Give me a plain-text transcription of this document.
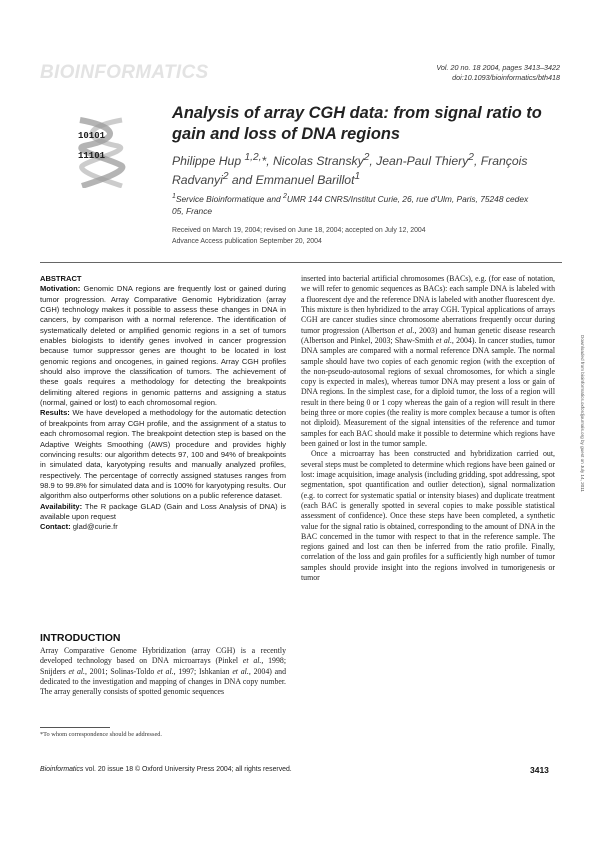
BIOINFORMATICS	Vol. 20 no. 18 2004, pages 3413–3422
doi:10.1093/bioinformatics/bth418
10101
11101
Analysis of array CGH data: from signal ratio to gain and loss of DNA regions
Philippe Hup $^{1,2,}$*, Nicolas Stransky$^2$, Jean-Paul Thiery$^2$, François Radvanyi$^2$ and Emmanuel Barillot$^1$
$^1$Service Bioinformatique and $^2$UMR 144 CNRS/Institut Curie, 26, rue d'Ulm, Paris, 75248 cedex 05, France
Received on March 19, 2004; revised on June 18, 2004; accepted on July 12, 2004
Advance Access publication September 20, 2004

ABSTRACT

Motivation: Genomic DNA regions are frequently lost or gained during tumor progression. Array Comparative Genomic Hybridization (array CGH) technology makes it possible to assess these changes in DNA in cancers, by comparison with a normal reference. The identification of systematically deleted or amplified genomic regions in a set of tumors enables biologists to identify genes involved in cancer progression because tumor suppressor genes are thought to be located in lost genomic regions and oncogenes, in gained regions. Array CGH profiles should also improve the classification of tumors. The achievement of these goals requires a methodology for detecting the breakpoints delimiting altered regions in genomic patterns and assigning a status (normal, gained or lost) to each chromosomal region.

Results: We have developed a methodology for the automatic detection of breakpoints from array CGH profile, and the assignment of a status to each chromosomal region. The breakpoint detection step is based on the Adaptive Weights Smoothing (AWS) procedure and provides highly convincing results: our algorithm detects 97, 100 and 94% of breakpoints in simulated data, karyotyping results and manually analyzed profiles, respectively. The percentage of correctly assigned statuses ranges from 98.9 to 99.8% for simulated data and is 100% for karyotyping results. Our algorithm also outperforms other solutions on a public reference dataset.

Availability: The R package GLAD (Gain and Loss Analysis of DNA) is available upon request

Contact: glad@curie.fr

INTRODUCTION
Array Comparative Genome Hybridization (array CGH) is a recently developed technology based on DNA microarrays (Pinkel et al., 1998; Snijders et al., 2001; Solinas-Toldo et al., 1997; Ishkanian et al., 2004) and dedicated to the investigation and mapping of changes in DNA copy number. The array generally consists of spotted genomic sequences

inserted into bacterial artificial chromosomes (BACs), e.g. (for ease of notation, we will refer to genomic sequences as BACs): each sample DNA is labeled with a fluorescent dye and the reference DNA is labeled with another fluorescent dye. This mixture is then hybridized to the array CGH. Typical applications of arrays CGH are cancer studies since chromosome aberrations frequently occur during tumor progression (Albertson et al., 2003) and human genetic disease research (Albertson and Pinkel, 2003; Shaw-Smith et al., 2004). In cancer studies, tumor DNA samples are compared with a normal reference DNA sample. The normal sample should have two copies of each genomic region (with the exception of the non-pseudo-autosomal regions of sexual chromosomes, for which a single copy is expected in males), whereas tumor DNA may present a loss or gain of DNA regions. In the simplest case, for a diploid tumor, the loss of a region will result in there being 0 or 1 copy whereas the gain of a region will result in there being three or more copies (the reality is more complex because a tumor is often not diploid). Measurement of the signal intensities of the reference and tumor samples for each BAC should make it possible to determine which regions have been gained or lost in the tumor sample.

Once a microarray has been constructed and hybridization carried out, several steps must be completed to determine which regions have been gained or lost: image acquisition, image analysis (including gridding, spot addressing, spot segmentation, spot quantification and outlier detection), signal normalization (e.g. to correct for systematic spatial or intensity biases) and duplicate treatment (each BAC is generally spotted in several copies to make possible statistical assessment of confidence). Once these steps have been completed, a synthetic value for the signal ratio is obtained, corresponding to the amount of DNA in the BAC concerned in the tumor with respect to that in the reference sample. The regions gained and lost can then be inferred from the ratio profile. Finally, correlation of the loss and gain profiles for a sufficiently high number of tumor samples should provide insight into the regions involved in tumorigenesis or tumor

*To whom correspondence should be addressed.
Bioinformatics vol. 20 issue 18 © Oxford University Press 2004; all rights reserved.	3413
Downloaded from bioinformatics.oxfordjournals.org by guest on July 14, 2011
